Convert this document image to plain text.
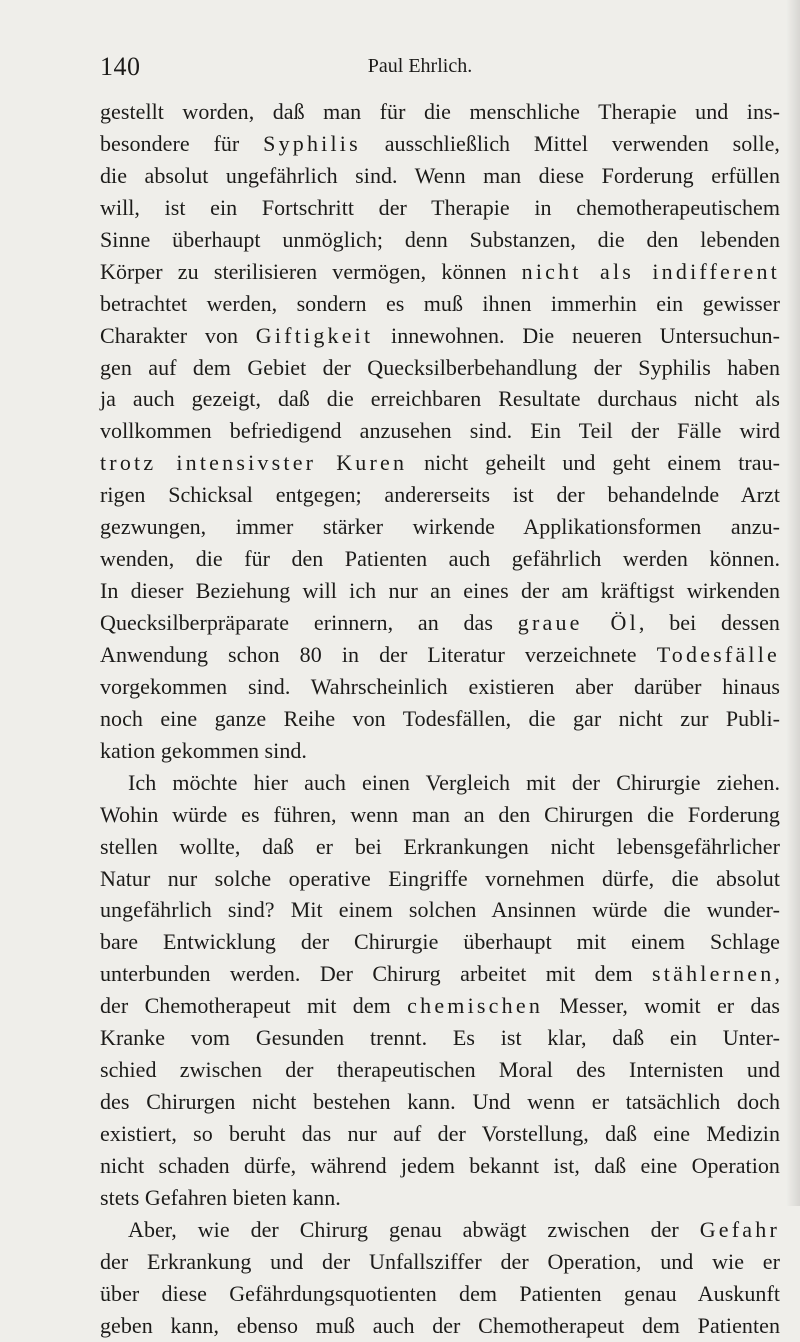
140	Paul Ehrlich.
gestellt worden, daß man für die menschliche Therapie und ins-
besondere für Syphilis ausschließlich Mittel verwenden solle,
die absolut ungefährlich sind. Wenn man diese Forderung erfüllen
will, ist ein Fortschritt der Therapie in chemotherapeutischem
Sinne überhaupt unmöglich; denn Substanzen, die den lebenden
Körper zu sterilisieren vermögen, können nicht als indifferent
betrachtet werden, sondern es muß ihnen immerhin ein gewisser
Charakter von Giftigkeit innewohnen. Die neueren Untersuchun-
gen auf dem Gebiet der Quecksilberbehandlung der Syphilis haben
ja auch gezeigt, daß die erreichbaren Resultate durchaus nicht als
vollkommen befriedigend anzusehen sind. Ein Teil der Fälle wird
trotz intensivster Kuren nicht geheilt und geht einem trau-
rigen Schicksal entgegen; andererseits ist der behandelnde Arzt
gezwungen, immer stärker wirkende Applikationsformen anzu-
wenden, die für den Patienten auch gefährlich werden können.
In dieser Beziehung will ich nur an eines der am kräftigst wirkenden
Quecksilberpräparate erinnern, an das graue Öl, bei dessen
Anwendung schon 80 in der Literatur verzeichnete Todesfälle
vorgekommen sind. Wahrscheinlich existieren aber darüber hinaus
noch eine ganze Reihe von Todesfällen, die gar nicht zur Publi-
kation gekommen sind.
Ich möchte hier auch einen Vergleich mit der Chirurgie ziehen.
Wohin würde es führen, wenn man an den Chirurgen die Forderung
stellen wollte, daß er bei Erkrankungen nicht lebensgefährlicher
Natur nur solche operative Eingriffe vornehmen dürfe, die absolut
ungefährlich sind? Mit einem solchen Ansinnen würde die wunder-
bare Entwicklung der Chirurgie überhaupt mit einem Schlage
unterbunden werden. Der Chirurg arbeitet mit dem stählernen,
der Chemotherapeut mit dem chemischen Messer, womit er das
Kranke vom Gesunden trennt. Es ist klar, daß ein Unter-
schied zwischen der therapeutischen Moral des Internisten und
des Chirurgen nicht bestehen kann. Und wenn er tatsächlich doch
existiert, so beruht das nur auf der Vorstellung, daß eine Medizin
nicht schaden dürfe, während jedem bekannt ist, daß eine Operation
stets Gefahren bieten kann.
Aber, wie der Chirurg genau abwägt zwischen der Gefahr
der Erkrankung und der Unfallsziffer der Operation, und wie er
über diese Gefährdungsquotienten dem Patienten genau Auskunft
geben kann, ebenso muß auch der Chemotherapeut dem Patienten
